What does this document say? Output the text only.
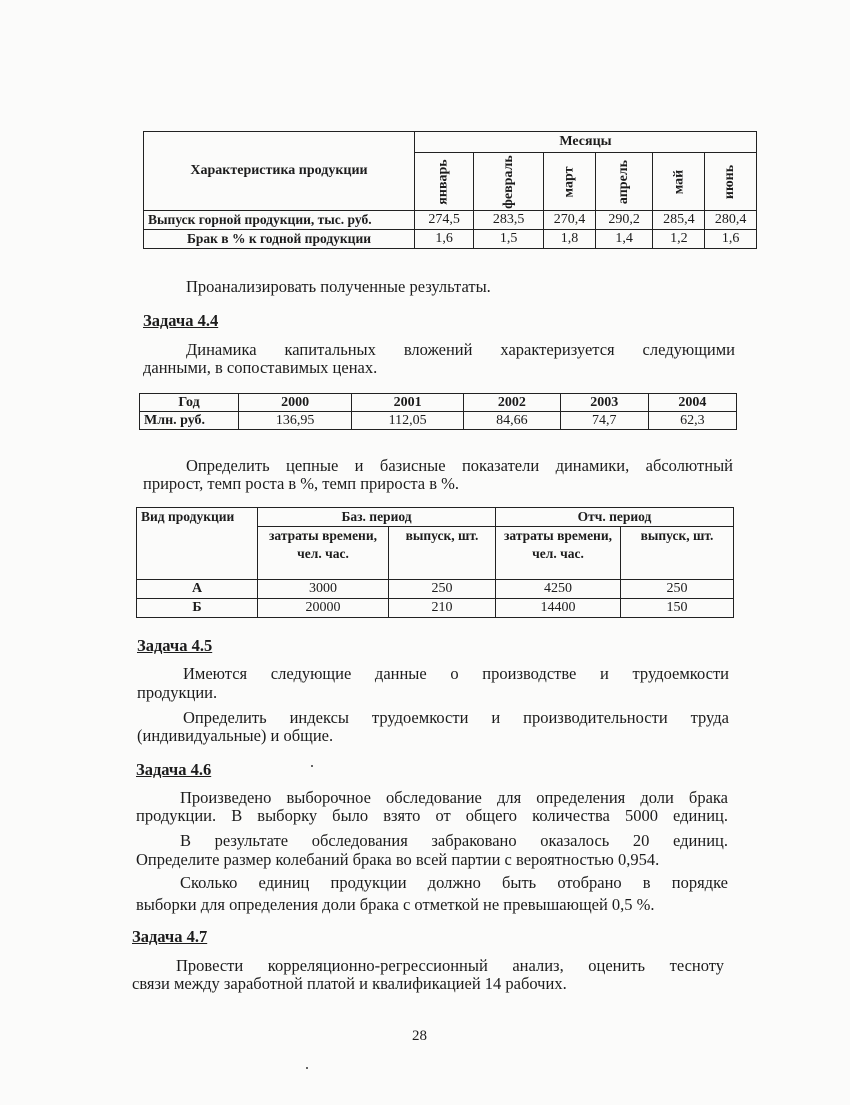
Характеристика продукции	Месяцы					
	январь	февраль	март	апрель	май	июнь
Выпуск горной продукции, тыс. руб.	274,5	283,5	270,4	290,2	285,4	280,4
Брак в % к годной продукции	1,6	1,5	1,8	1,4	1,2	1,6

Проанализировать полученные результаты.

Задача 4.4

Динамика капитальных вложений характеризуется следующими

данными, в сопоставимых ценах.

Год	2000	2001	2002	2003	2004
Млн. руб.	136,95	112,05	84,66	74,7	62,3

Определить цепные и базисные показатели динамики, абсолютный

прирост, темп роста в %, темп прироста в %.

Вид продукции	Баз. период		Отч. период	
	затраты времени, чел. час.	выпуск, шт.	затраты времени, чел. час.	выпуск, шт.
А	3000	250	4250	250
Б	20000	210	14400	150

Задача 4.5

Имеются следующие данные о производстве и трудоемкости

продукции.

Определить индексы трудоемкости и производительности труда

(индивидуальные) и общие.

Задача 4.6

Произведено выборочное обследование для определения доли брака

продукции. В выборку было взято от общего количества 5000 единиц.

В результате обследования забраковано оказалось 20 единиц.

Определите размер колебаний брака во всей партии с вероятностью 0,954.

Сколько единиц продукции должно быть отобрано в порядке

выборки для определения доли брака с отметкой не превышающей 0,5 %.

Задача 4.7

Провести корреляционно-регрессионный анализ, оценить тесноту

связи между заработной платой и квалификацией 14 рабочих.

28
